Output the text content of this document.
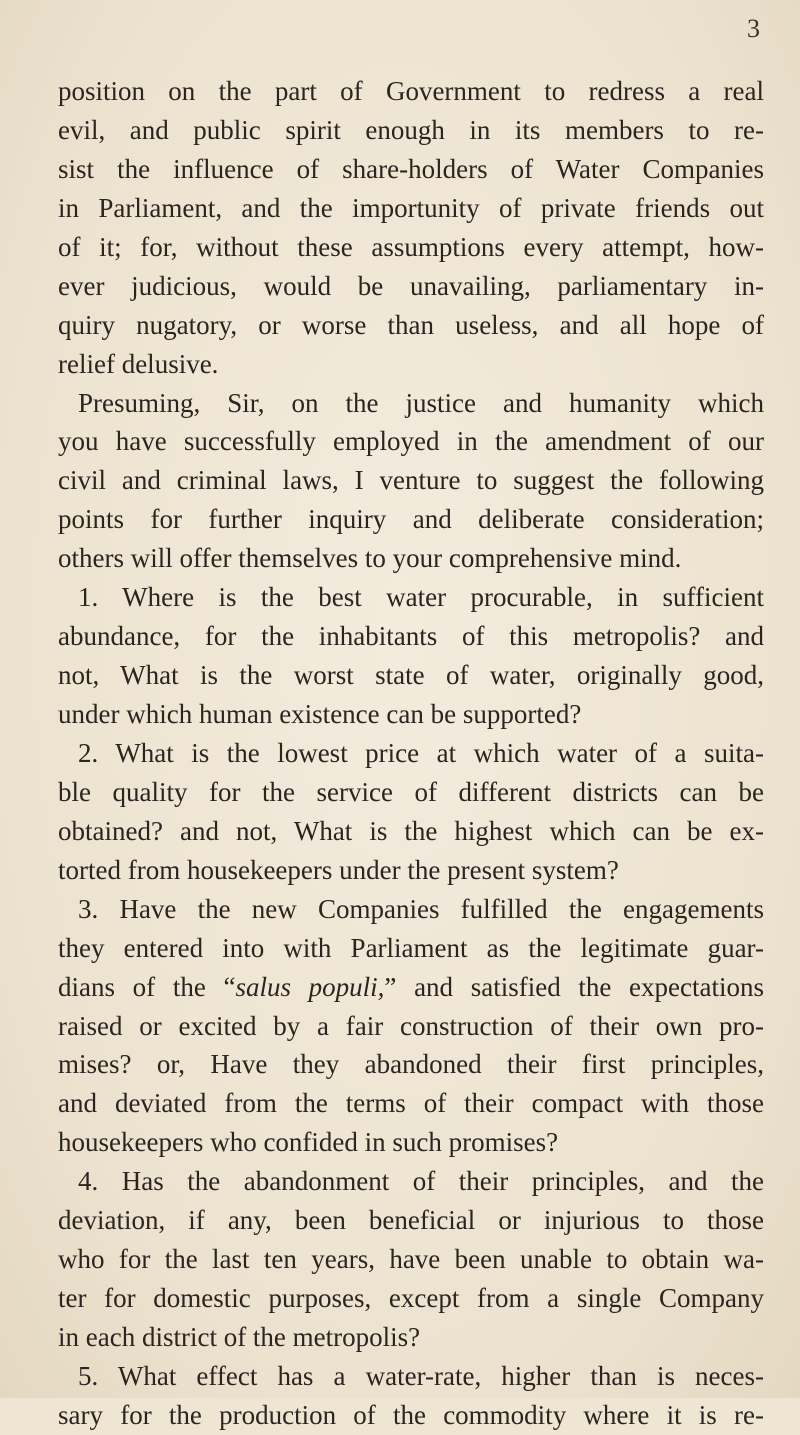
3
position on the part of Government to redress a real
evil, and public spirit enough in its members to re-
sist the influence of share-holders of Water Companies
in Parliament, and the importunity of private friends out
of it; for, without these assumptions every attempt, how-
ever judicious, would be unavailing, parliamentary in-
quiry nugatory, or worse than useless, and all hope of
relief delusive.
Presuming, Sir, on the justice and humanity which
you have successfully employed in the amendment of our
civil and criminal laws, I venture to suggest the following
points for further inquiry and deliberate consideration;
others will offer themselves to your comprehensive mind.
1. Where is the best water procurable, in sufficient
abundance, for the inhabitants of this metropolis? and
not, What is the worst state of water, originally good,
under which human existence can be supported?
2. What is the lowest price at which water of a suita-
ble quality for the service of different districts can be
obtained? and not, What is the highest which can be ex-
torted from housekeepers under the present system?
3. Have the new Companies fulfilled the engagements
they entered into with Parliament as the legitimate guar-
dians of the “salus populi,” and satisfied the expectations
raised or excited by a fair construction of their own pro-
mises? or, Have they abandoned their first principles,
and deviated from the terms of their compact with those
housekeepers who confided in such promises?
4. Has the abandonment of their principles, and the
deviation, if any, been beneficial or injurious to those
who for the last ten years, have been unable to obtain wa-
ter for domestic purposes, except from a single Company
in each district of the metropolis?
5. What effect has a water-rate, higher than is neces-
sary for the production of the commodity where it is re-
